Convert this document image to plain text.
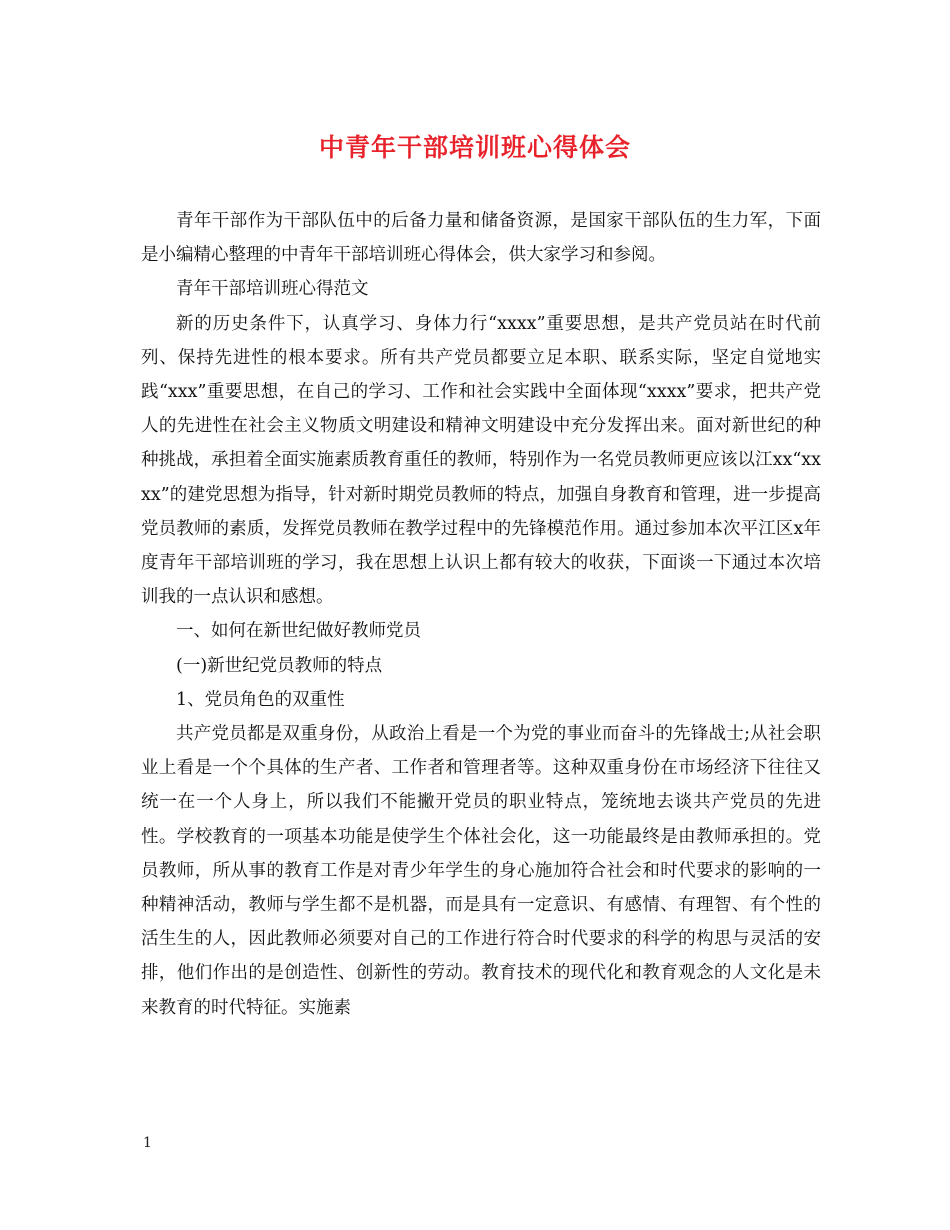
中青年干部培训班心得体会

青年干部作为干部队伍中的后备力量和储备资源，是国家干部队伍的生力军，下面是小编精心整理的中青年干部培训班心得体会，供大家学习和参阅。

青年干部培训班心得范文

新的历史条件下，认真学习、身体力行“xxxx”重要思想，是共产党员站在时代前列、保持先进性的根本要求。所有共产党员都要立足本职、联系实际，坚定自觉地实践“xxx”重要思想，在自己的学习、工作和社会实践中全面体现“xxxx”要求，把共产党人的先进性在社会主义物质文明建设和精神文明建设中充分发挥出来。面对新世纪的种种挑战，承担着全面实施素质教育重任的教师，特别作为一名党员教师更应该以江xx“xxxx”的建党思想为指导，针对新时期党员教师的特点，加强自身教育和管理，进一步提高党员教师的素质，发挥党员教师在教学过程中的先锋模范作用。通过参加本次平江区x年度青年干部培训班的学习，我在思想上认识上都有较大的收获，下面谈一下通过本次培训我的一点认识和感想。

一、如何在新世纪做好教师党员

(一)新世纪党员教师的特点

1、党员角色的双重性

共产党员都是双重身份，从政治上看是一个为党的事业而奋斗的先锋战士;从社会职业上看是一个个具体的生产者、工作者和管理者等。这种双重身份在市场经济下往往又统一在一个人身上，所以我们不能撇开党员的职业特点，笼统地去谈共产党员的先进性。学校教育的一项基本功能是使学生个体社会化，这一功能最终是由教师承担的。党员教师，所从事的教育工作是对青少年学生的身心施加符合社会和时代要求的影响的一种精神活动，教师与学生都不是机器，而是具有一定意识、有感情、有理智、有个性的活生生的人，因此教师必须要对自己的工作进行符合时代要求的科学的构思与灵活的安排，他们作出的是创造性、创新性的劳动。教育技术的现代化和教育观念的人文化是未来教育的时代特征。实施素

1
